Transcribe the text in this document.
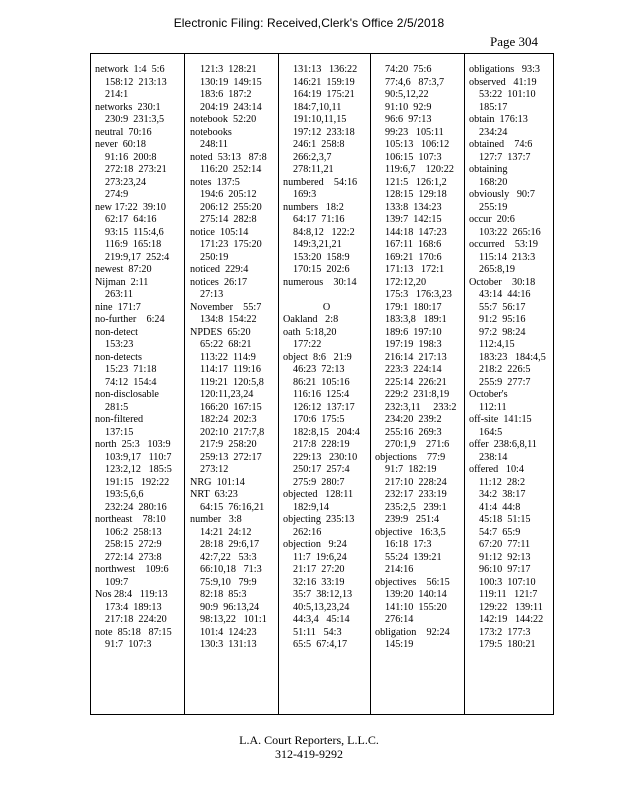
Electronic Filing: Received,Clerk's Office 2/5/2018
Page 304
network  1:4  5:6
158:12  213:13
214:1
networks  230:1
230:9  231:3,5
neutral  70:16
never  60:18
91:16  200:8
272:18  273:21
273:23,24
274:9
new 17:22  39:10
62:17  64:16
93:15  115:4,6
116:9  165:18
219:9,17  252:4
newest  87:20
Nijman  2:11
263:11
nine  171:7
no-further    6:24
non-detect
153:23
non-detects
15:23  71:18
74:12  154:4
non-disclosable
281:5
non-filtered
137:15
north  25:3   103:9
103:9,17   110:7
123:2,12   185:5
191:15   192:22
193:5,6,6
232:24  280:16
northeast    78:10
106:2  258:13
258:15  272:9
272:14  273:8
northwest    109:6
109:7
Nos 28:4   119:13
173:4  189:13
217:18  224:20
note  85:18   87:15
91:7  107:3
121:3  128:21
130:19  149:15
183:6  187:2
204:19  243:14
notebook  52:20
notebooks
248:11
noted  53:13   87:8
116:20  252:14
notes  137:5
194:6  205:12
206:12  255:20
275:14  282:8
notice  105:14
171:23  175:20
250:19
noticed  229:4
notices  26:17
27:13
November    55:7
134:8  154:22
NPDES  65:20
65:22  68:21
113:22  114:9
114:17  119:16
119:21  120:5,8
120:11,23,24
166:20  167:15
182:24  202:3
202:10  217:7,8
217:9  258:20
259:13  272:17
273:12
NRG  101:14
NRT  63:23
64:15  76:16,21
number   3:8
14:21  24:12
28:18  29:6,17
42:7,22   53:3
66:10,18   71:3
75:9,10   79:9
82:18  85:3
90:9  96:13,24
98:13,22   101:1
101:4  124:23
130:3  131:13
131:13   136:22
146:21  159:19
164:19  175:21
184:7,10,11
191:10,11,15
197:12  233:18
246:1  258:8
266:2,3,7
278:11,21
numbered    54:16
169:3
numbers   18:2
64:17  71:16
84:8,12   122:2
149:3,21,21
153:20  158:9
170:15  202:6
numerous    30:14
O
Oakland   2:8
oath  5:18,20
177:22
object  8:6   21:9
46:23  72:13
86:21  105:16
116:16  125:4
126:12  137:17
170:6  175:5
182:8,15   204:4
217:8  228:19
229:13   230:10
250:17  257:4
275:9  280:7
objected   128:11
182:9,14
objecting  235:13
262:16
objection   9:24
11:7  19:6,24
21:17  27:20
32:16  33:19
35:7  38:12,13
40:5,13,23,24
44:3,4   45:14
51:11   54:3
65:5  67:4,17
74:20  75:6
77:4,6   87:3,7
90:5,12,22
91:10  92:9
96:6  97:13
99:23   105:11
105:13   106:12
106:15  107:3
119:6,7    120:22
121:5   126:1,2
128:15  129:18
133:8  134:23
139:7  142:15
144:18  147:23
167:11  168:6
169:21  170:6
171:13   172:1
172:12,20
175:3   176:3,23
179:1  180:17
183:3,8   189:1
189:6  197:10
197:19  198:3
216:14  217:13
223:3  224:14
225:14  226:21
229:2  231:8,19
232:3,11     233:2
234:20  239:2
255:16  269:3
270:1,9    271:6
objections    77:9
91:7  182:19
217:10  228:24
232:17  233:19
235:2,5   239:1
239:9   251:4
objective   16:3,5
16:18  17:3
55:24  139:21
214:16
objectives    56:15
139:20  140:14
141:10  155:20
276:14
obligation    92:24
145:19
obligations   93:3
observed   41:19
53:22  101:10
185:17
obtain  176:13
234:24
obtained    74:6
127:7  137:7
obtaining
168:20
obviously   90:7
255:19
occur  20:6
103:22  265:16
occurred    53:19
115:14  213:3
265:8,19
October    30:18
43:14  44:16
55:7  56:17
91:2  95:16
97:2  98:24
112:4,15
183:23   184:4,5
218:2  226:5
255:9  277:7
October's
112:11
off-site  141:15
164:5
offer  238:6,8,11
238:14
offered   10:4
11:12  28:2
34:2  38:17
41:4  44:8
45:18  51:15
54:7  65:9
67:20  77:11
91:12  92:13
96:10  97:17
100:3  107:10
119:11   121:7
129:22   139:11
142:19   144:22
173:2  177:3
179:5  180:21
L.A. Court Reporters, L.L.C.
312-419-9292
